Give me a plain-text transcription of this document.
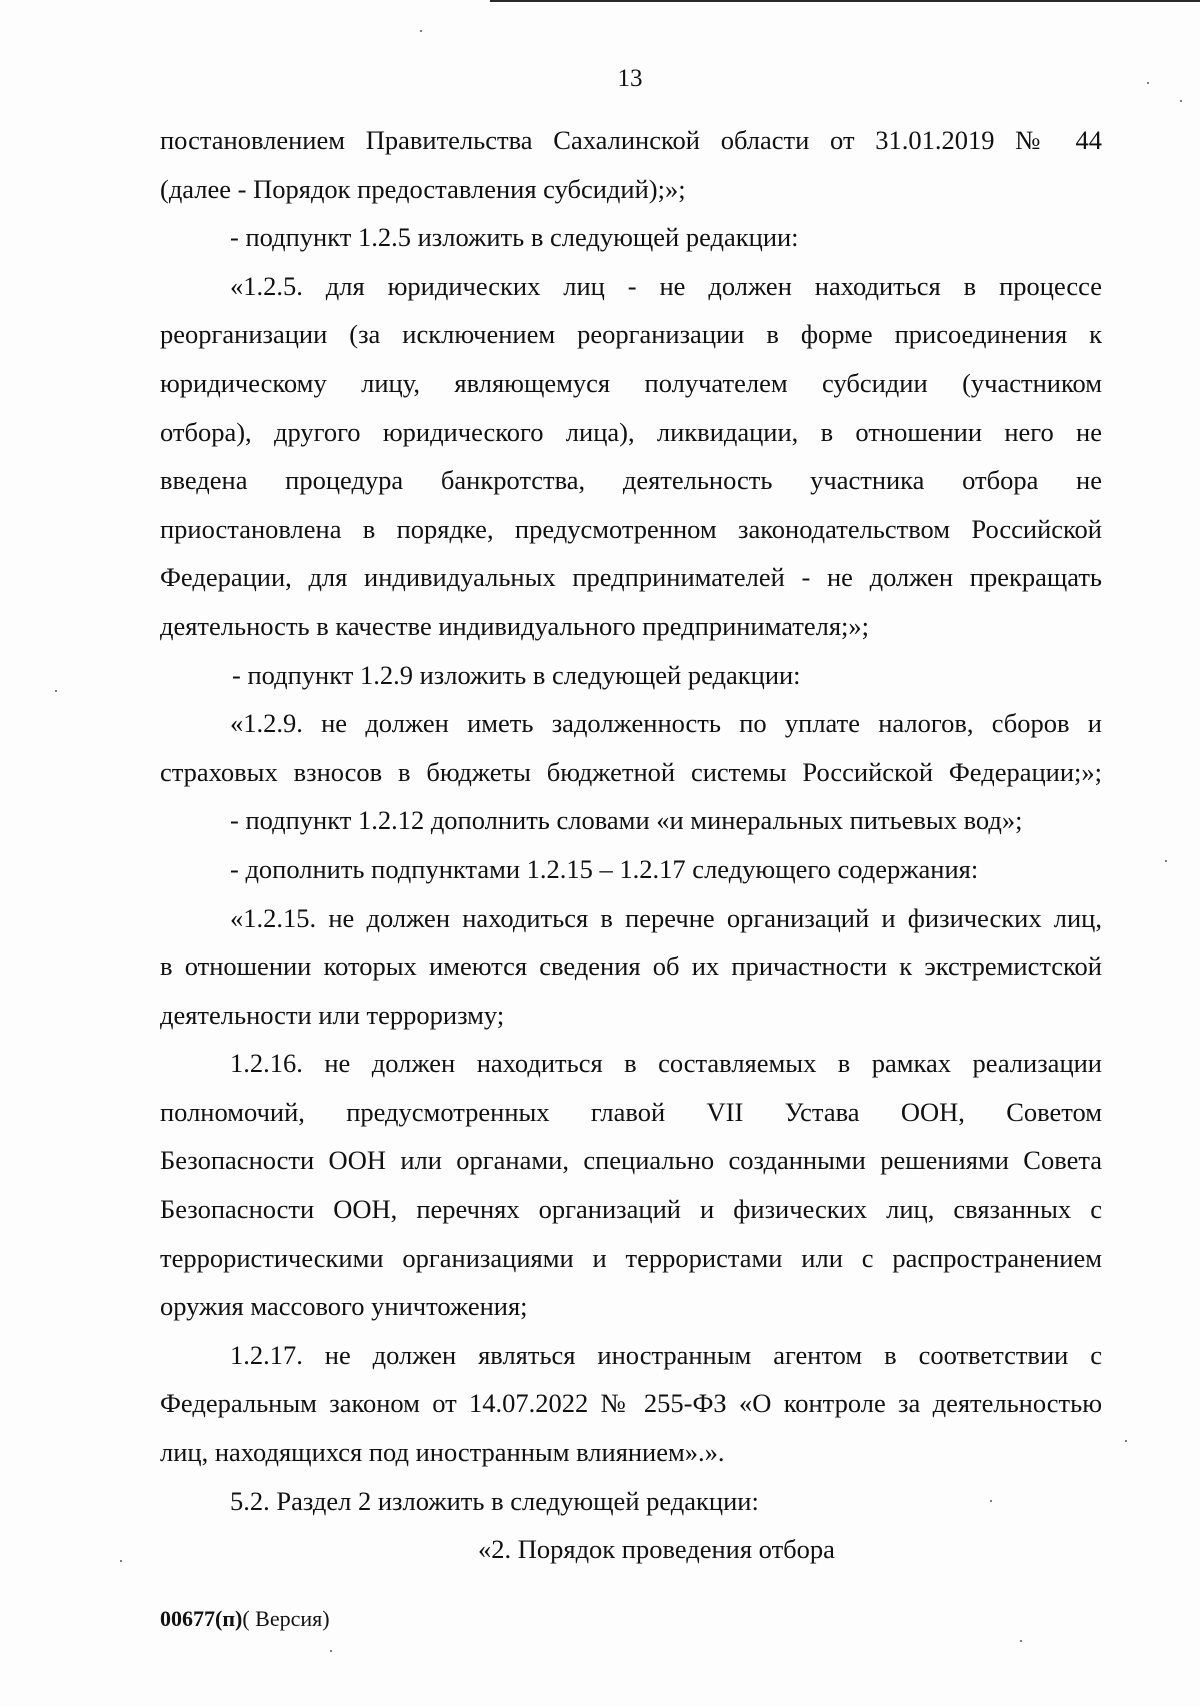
13
постановлением Правительства Сахалинской области от 31.01.2019 № 44
(далее - Порядок предоставления субсидий);»;
- подпункт 1.2.5 изложить в следующей редакции:
«1.2.5. для юридических лиц - не должен находиться в процессе
реорганизации (за исключением реорганизации в форме присоединения к
юридическому лицу, являющемуся получателем субсидии (участником
отбора), другого юридического лица), ликвидации, в отношении него не
введена процедура банкротства, деятельность участника отбора не
приостановлена в порядке, предусмотренном законодательством Российской
Федерации, для индивидуальных предпринимателей - не должен прекращать
деятельность в качестве индивидуального предпринимателя;»;
- подпункт 1.2.9 изложить в следующей редакции:
«1.2.9. не должен иметь задолженность по уплате налогов, сборов и
страховых взносов в бюджеты бюджетной системы Российской Федерации;»;
- подпункт 1.2.12 дополнить словами «и минеральных питьевых вод»;
- дополнить подпунктами 1.2.15 – 1.2.17 следующего содержания:
«1.2.15. не должен находиться в перечне организаций и физических лиц,
в отношении которых имеются сведения об их причастности к экстремистской
деятельности или терроризму;
1.2.16. не должен находиться в составляемых в рамках реализации
полномочий, предусмотренных главой VII Устава ООН, Советом
Безопасности ООН или органами, специально созданными решениями Совета
Безопасности ООН, перечнях организаций и физических лиц, связанных с
террористическими организациями и террористами или с распространением
оружия массового уничтожения;
1.2.17. не должен являться иностранным агентом в соответствии с
Федеральным законом от 14.07.2022 № 255-ФЗ «О контроле за деятельностью
лиц, находящихся под иностранным влиянием».».
5.2. Раздел 2 изложить в следующей редакции:
«2. Порядок проведения отбора
00677(п)( Версия)
